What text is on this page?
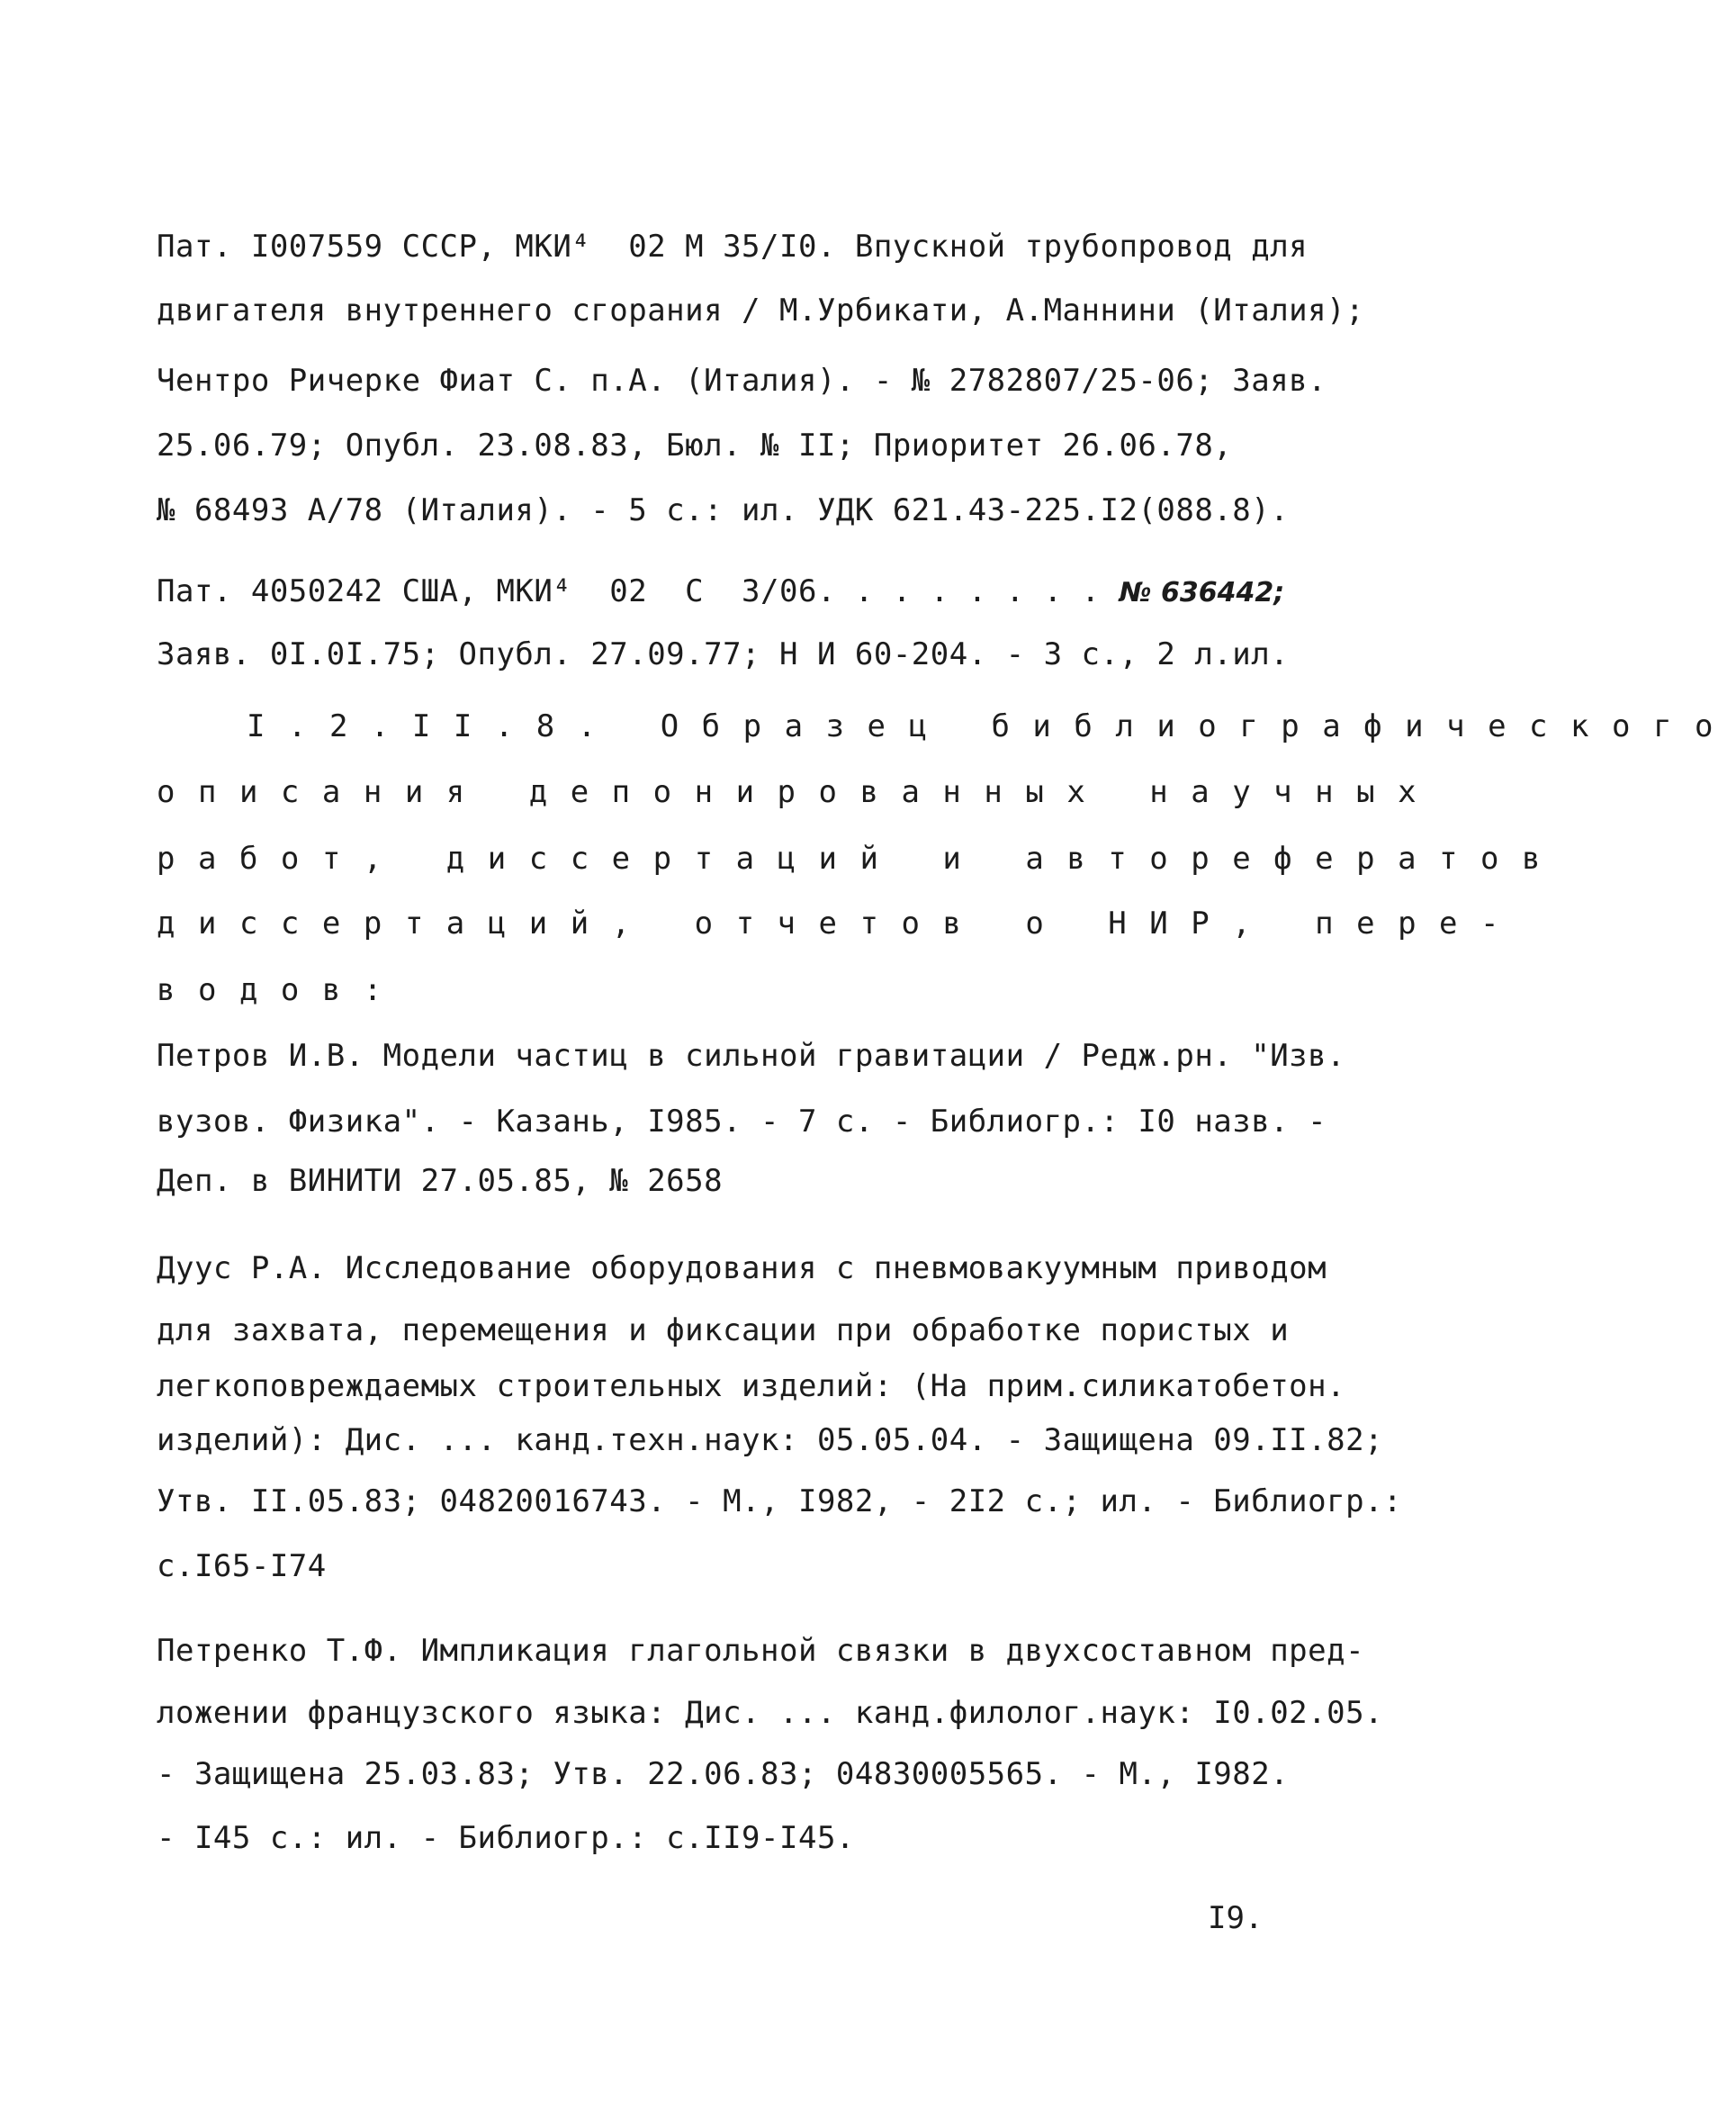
Пат. I007559 СССР, МКИ⁴  02 М 35/I0. Впускной трубопровод для
двигателя внутреннего сгорания / М.Урбикати, А.Маннини (Италия);
Чентро Ричерке Фиат С. п.А. (Италия). - № 2782807/25-06; Заяв.
25.06.79; Опубл. 23.08.83, Бюл. № II; Приоритет 26.06.78,
№ 68493 А/78 (Италия). - 5 с.: ил. УДК 621.43-225.I2(088.8).
Пат. 4050242 США, МКИ⁴  02  С  3/06. . . . . . . . № 636442;
Заяв. 0I.0I.75; Опубл. 27.09.77; Н И 60-204. - 3 с., 2 л.ил.
I.2.II.8. Образец библиографического
описания депонированных научных
работ, диссертаций и авторефератов
диссертаций, отчетов о НИР, пере-
водов:
Петров И.В. Модели частиц в сильной гравитации / Редж.рн. "Изв.
вузов. Физика". - Казань, I985. - 7 с. - Библиогр.: I0 назв. -
Деп. в ВИНИТИ 27.05.85, № 2658
Дуус Р.А. Исследование оборудования с пневмовакуумным приводом
для захвата, перемещения и фиксации при обработке пористых и
легкоповреждаемых строительных изделий: (На прим.силикатобетон.
изделий): Дис. ... канд.техн.наук: 05.05.04. - Защищена 09.II.82;
Утв. II.05.83; 04820016743. - М., I982, - 2I2 с.; ил. - Библиогр.:
с.I65-I74
Петренко Т.Ф. Импликация глагольной связки в двухсоставном пред-
ложении французского языка: Дис. ... канд.филолог.наук: I0.02.05.
- Защищена 25.03.83; Утв. 22.06.83; 04830005565. - М., I982.
- I45 с.: ил. - Библиогр.: с.II9-I45.
I9.
